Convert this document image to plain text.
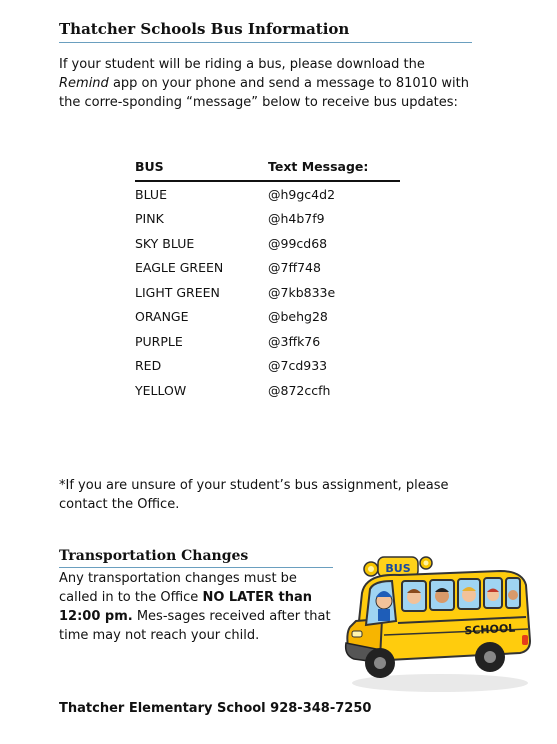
Thatcher Schools Bus Information
If your student will be riding a bus, please download the Remind app on your phone and send a message to 81010 with the corre-sponding “message” below to receive bus updates:
BUS	Text Message:
BLUE	@h9gc4d2
PINK	@h4b7f9
SKY BLUE	@99cd68
EAGLE GREEN	@7ff748
LIGHT GREEN	@7kb833e
ORANGE	@behg28
PURPLE	@3ffk76
RED	@7cd933
YELLOW	@872ccfh
*If you are unsure of your student’s bus assignment, please contact the Office.
Transportation Changes
Any transportation changes must be called in to the Office NO LATER than 12:00 pm. Mes-sages received after that time may not reach your child.
BUS
SCHOOL
Thatcher Elementary School 928-348-7250
